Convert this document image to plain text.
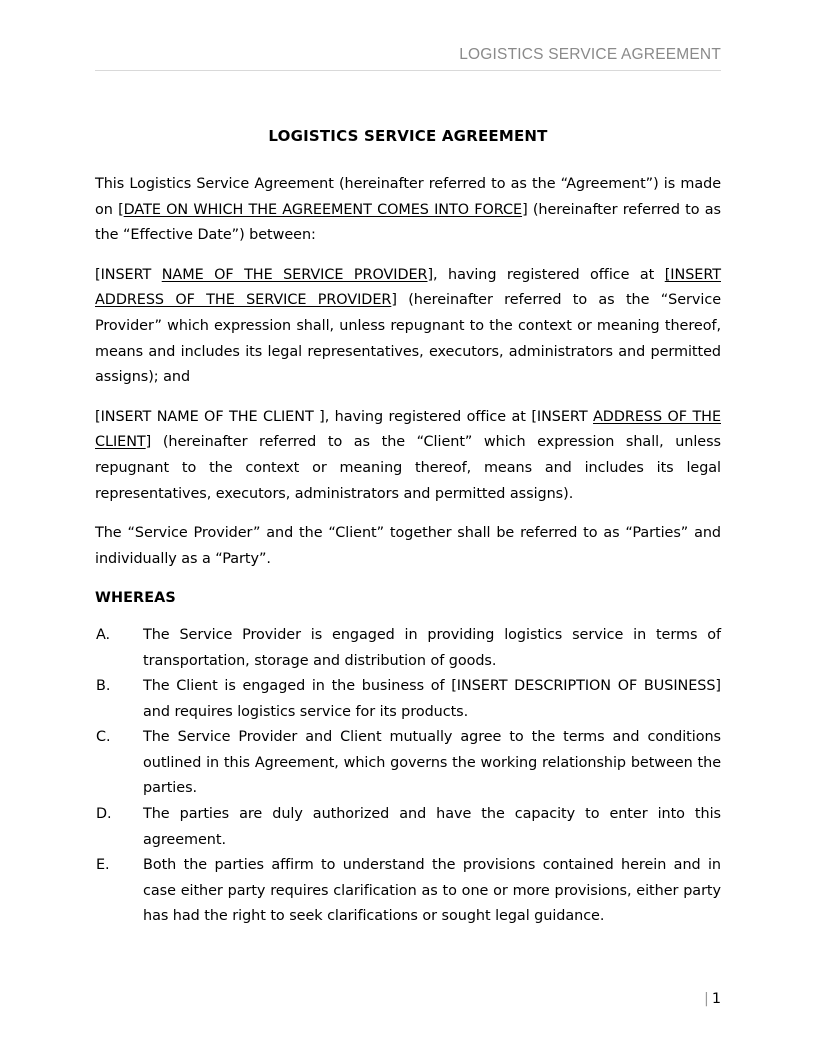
LOGISTICS SERVICE AGREEMENT
LOGISTICS SERVICE AGREEMENT

This Logistics Service Agreement (hereinafter referred to as the “Agreement”) is made on [DATE ON WHICH THE AGREEMENT COMES INTO FORCE] (hereinafter referred to as the “Effective Date”) between:

[INSERT NAME OF THE SERVICE PROVIDER], having registered office at [INSERT ADDRESS OF THE SERVICE PROVIDER] (hereinafter referred to as the “Service Provider” which expression shall, unless repugnant to the context or meaning thereof, means and includes its legal representatives, executors, administrators and permitted assigns); and

[INSERT NAME OF THE CLIENT ], having registered office at [INSERT ADDRESS OF THE CLIENT] (hereinafter referred to as the “Client” which expression shall, unless repugnant to the context or meaning thereof, means and includes its legal representatives, executors, administrators and permitted assigns).

The “Service Provider” and the “Client” together shall be referred to as “Parties” and individually as a “Party”.

WHEREAS
A.	The Service Provider is engaged in providing logistics service in terms of transportation, storage and distribution of goods.
B.	The Client is engaged in the business of [INSERT DESCRIPTION OF BUSINESS] and requires logistics service for its products.
C.	The Service Provider and Client mutually agree to the terms and conditions outlined in this Agreement, which governs the working relationship between the parties.
D.	The parties are duly authorized and have the capacity to enter into this agreement.
E.	Both the parties affirm to understand the provisions contained herein and in case either party requires clarification as to one or more provisions, either party has had the right to seek clarifications or sought legal guidance.
| 1
